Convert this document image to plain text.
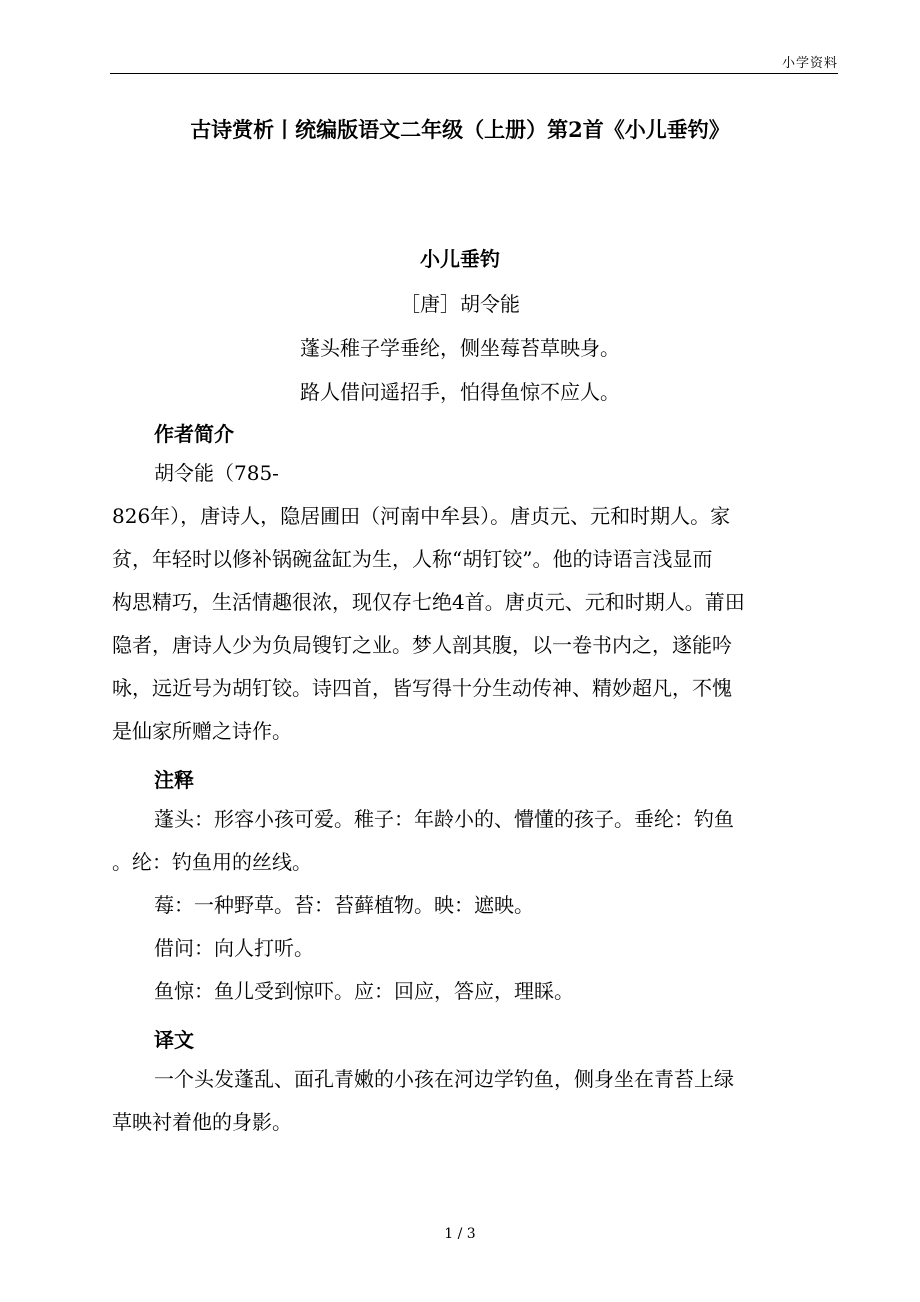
小学资料
古诗赏析丨统编版语文二年级（上册）第2首《小儿垂钓》
小儿垂钓
［唐］胡令能
蓬头稚子学垂纶，侧坐莓苔草映身。
路人借问遥招手，怕得鱼惊不应人。
作者简介
胡令能（785-
826年），唐诗人，隐居圃田（河南中牟县）。唐贞元、元和时期人。家
贫，年轻时以修补锅碗盆缸为生，人称“胡钉铰”。他的诗语言浅显而
构思精巧，生活情趣很浓，现仅存七绝4首。唐贞元、元和时期人。莆田
隐者，唐诗人少为负局锼钉之业。梦人剖其腹，以一卷书内之，遂能吟
咏，远近号为胡钉铰。诗四首，皆写得十分生动传神、精妙超凡，不愧
是仙家所赠之诗作。
注释
蓬头：形容小孩可爱。稚子：年龄小的、懵懂的孩子。垂纶：钓鱼
。纶：钓鱼用的丝线。
莓：一种野草。苔：苔藓植物。映：遮映。
借问：向人打听。
鱼惊：鱼儿受到惊吓。应：回应，答应，理睬。
译文
一个头发蓬乱、面孔青嫩的小孩在河边学钓鱼，侧身坐在青苔上绿
草映衬着他的身影。
1 / 3
